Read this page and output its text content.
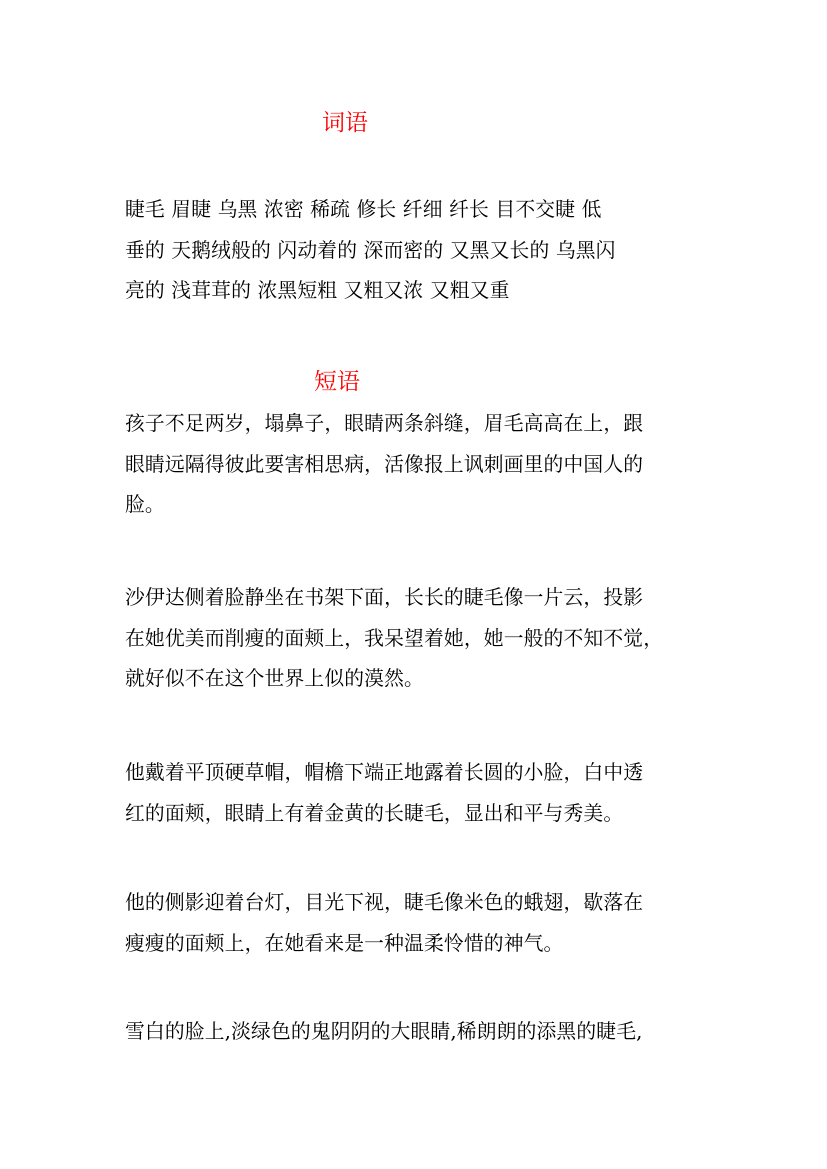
词语
睫毛 眉睫 乌黑 浓密 稀疏 修长 纤细 纤长 目不交睫 低
垂的 天鹅绒般的 闪动着的 深而密的 又黑又长的 乌黑闪
亮的 浅茸茸的 浓黑短粗 又粗又浓 又粗又重
短语
孩子不足两岁，塌鼻子，眼睛两条斜缝，眉毛高高在上，跟
眼睛远隔得彼此要害相思病，活像报上讽刺画里的中国人的
脸。
沙伊达侧着脸静坐在书架下面，长长的睫毛像一片云，投影
在她优美而削瘦的面颊上，我呆望着她，她一般的不知不觉，
就好似不在这个世界上似的漠然。
他戴着平顶硬草帽，帽檐下端正地露着长圆的小脸，白中透
红的面颊，眼睛上有着金黄的长睫毛，显出和平与秀美。
他的侧影迎着台灯，目光下视，睫毛像米色的蛾翅，歇落在
瘦瘦的面颊上，在她看来是一种温柔怜惜的神气。
雪白的脸上,淡绿色的鬼阴阴的大眼睛,稀朗朗的添黑的睫毛,
